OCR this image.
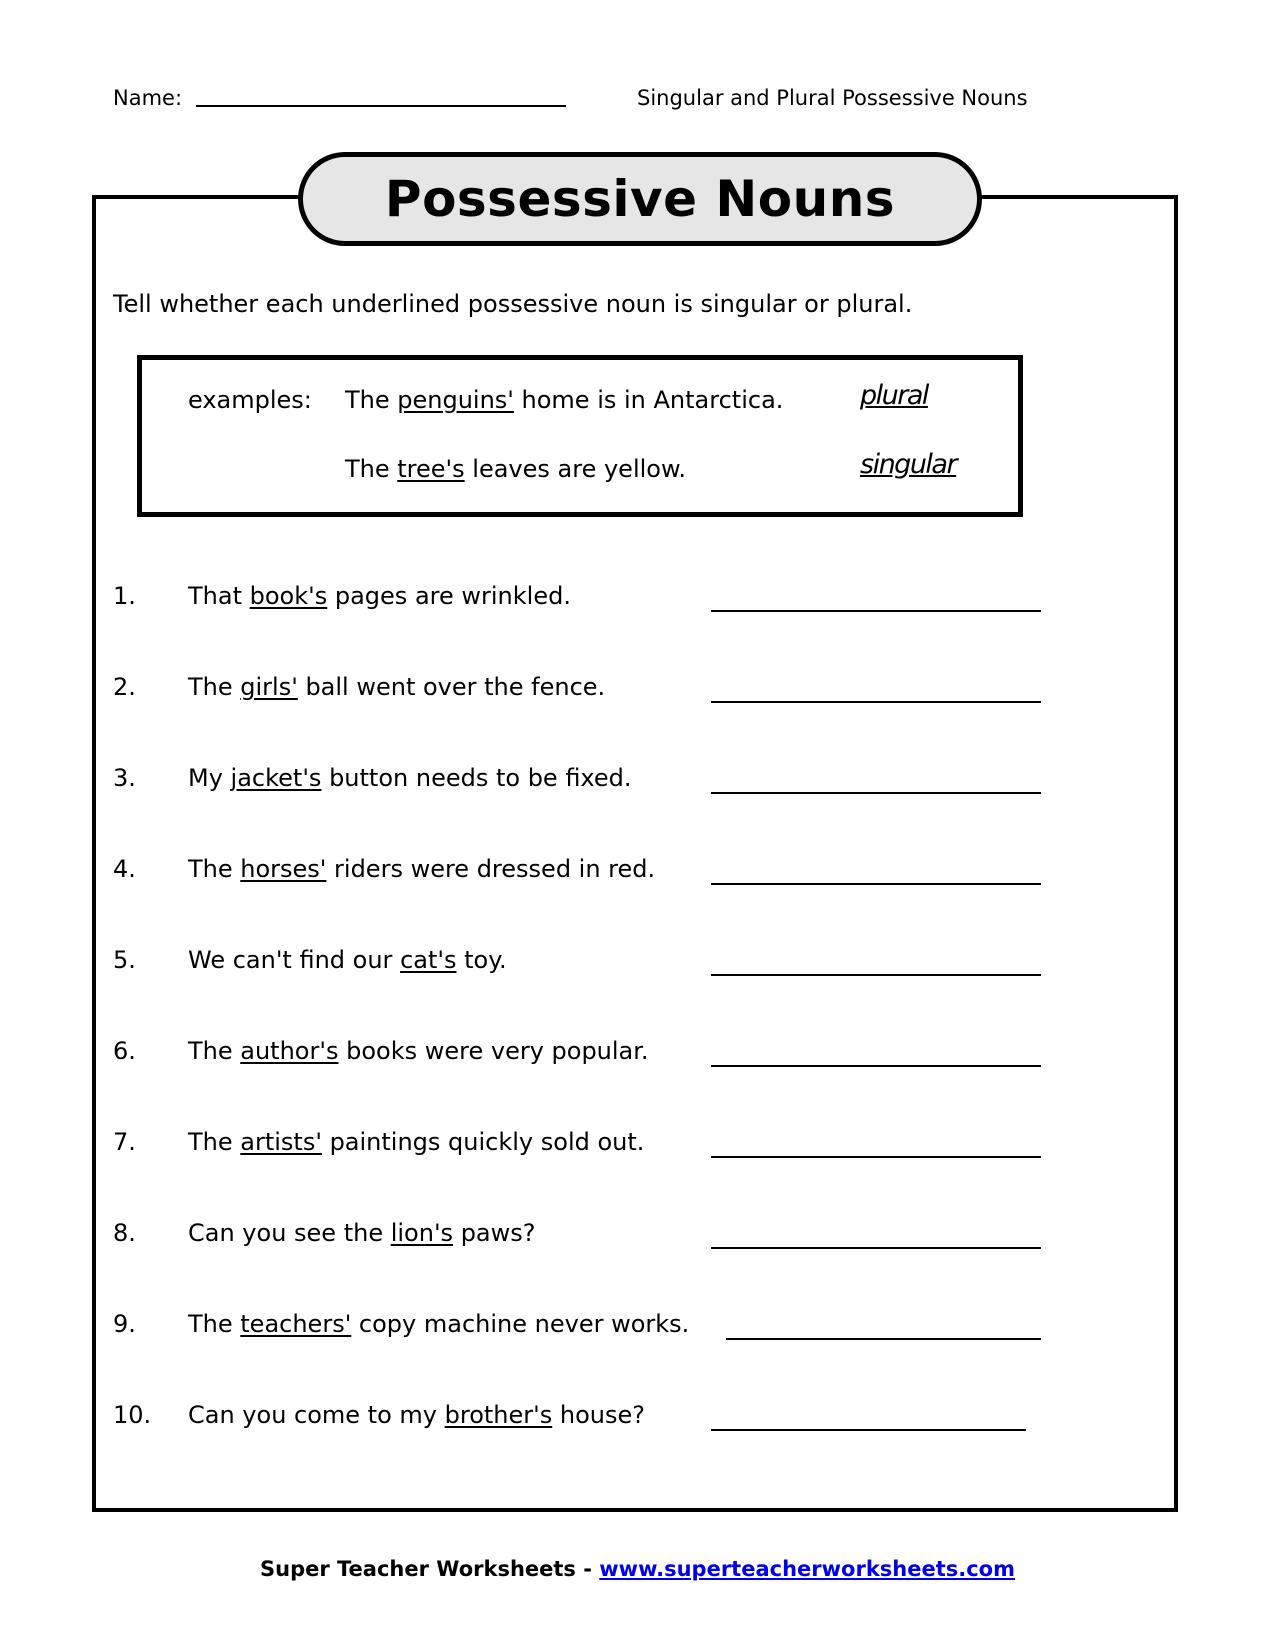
Name:	Singular and Plural Possessive Nouns
Possessive Nouns
Tell whether each underlined possessive noun is singular or plural.
examples: The penguins' home is in Antarctica.	plural
The tree's leaves are yellow.	singular
1. That book's pages are wrinkled.
2. The girls' ball went over the fence.
3. My jacket's button needs to be fixed.
4. The horses' riders were dressed in red.
5. We can't find our cat's toy.
6. The author's books were very popular.
7. The artists' paintings quickly sold out.
8. Can you see the lion's paws?
9. The teachers' copy machine never works.
10. Can you come to my brother's house?
Super Teacher Worksheets - www.superteacherworksheets.com
